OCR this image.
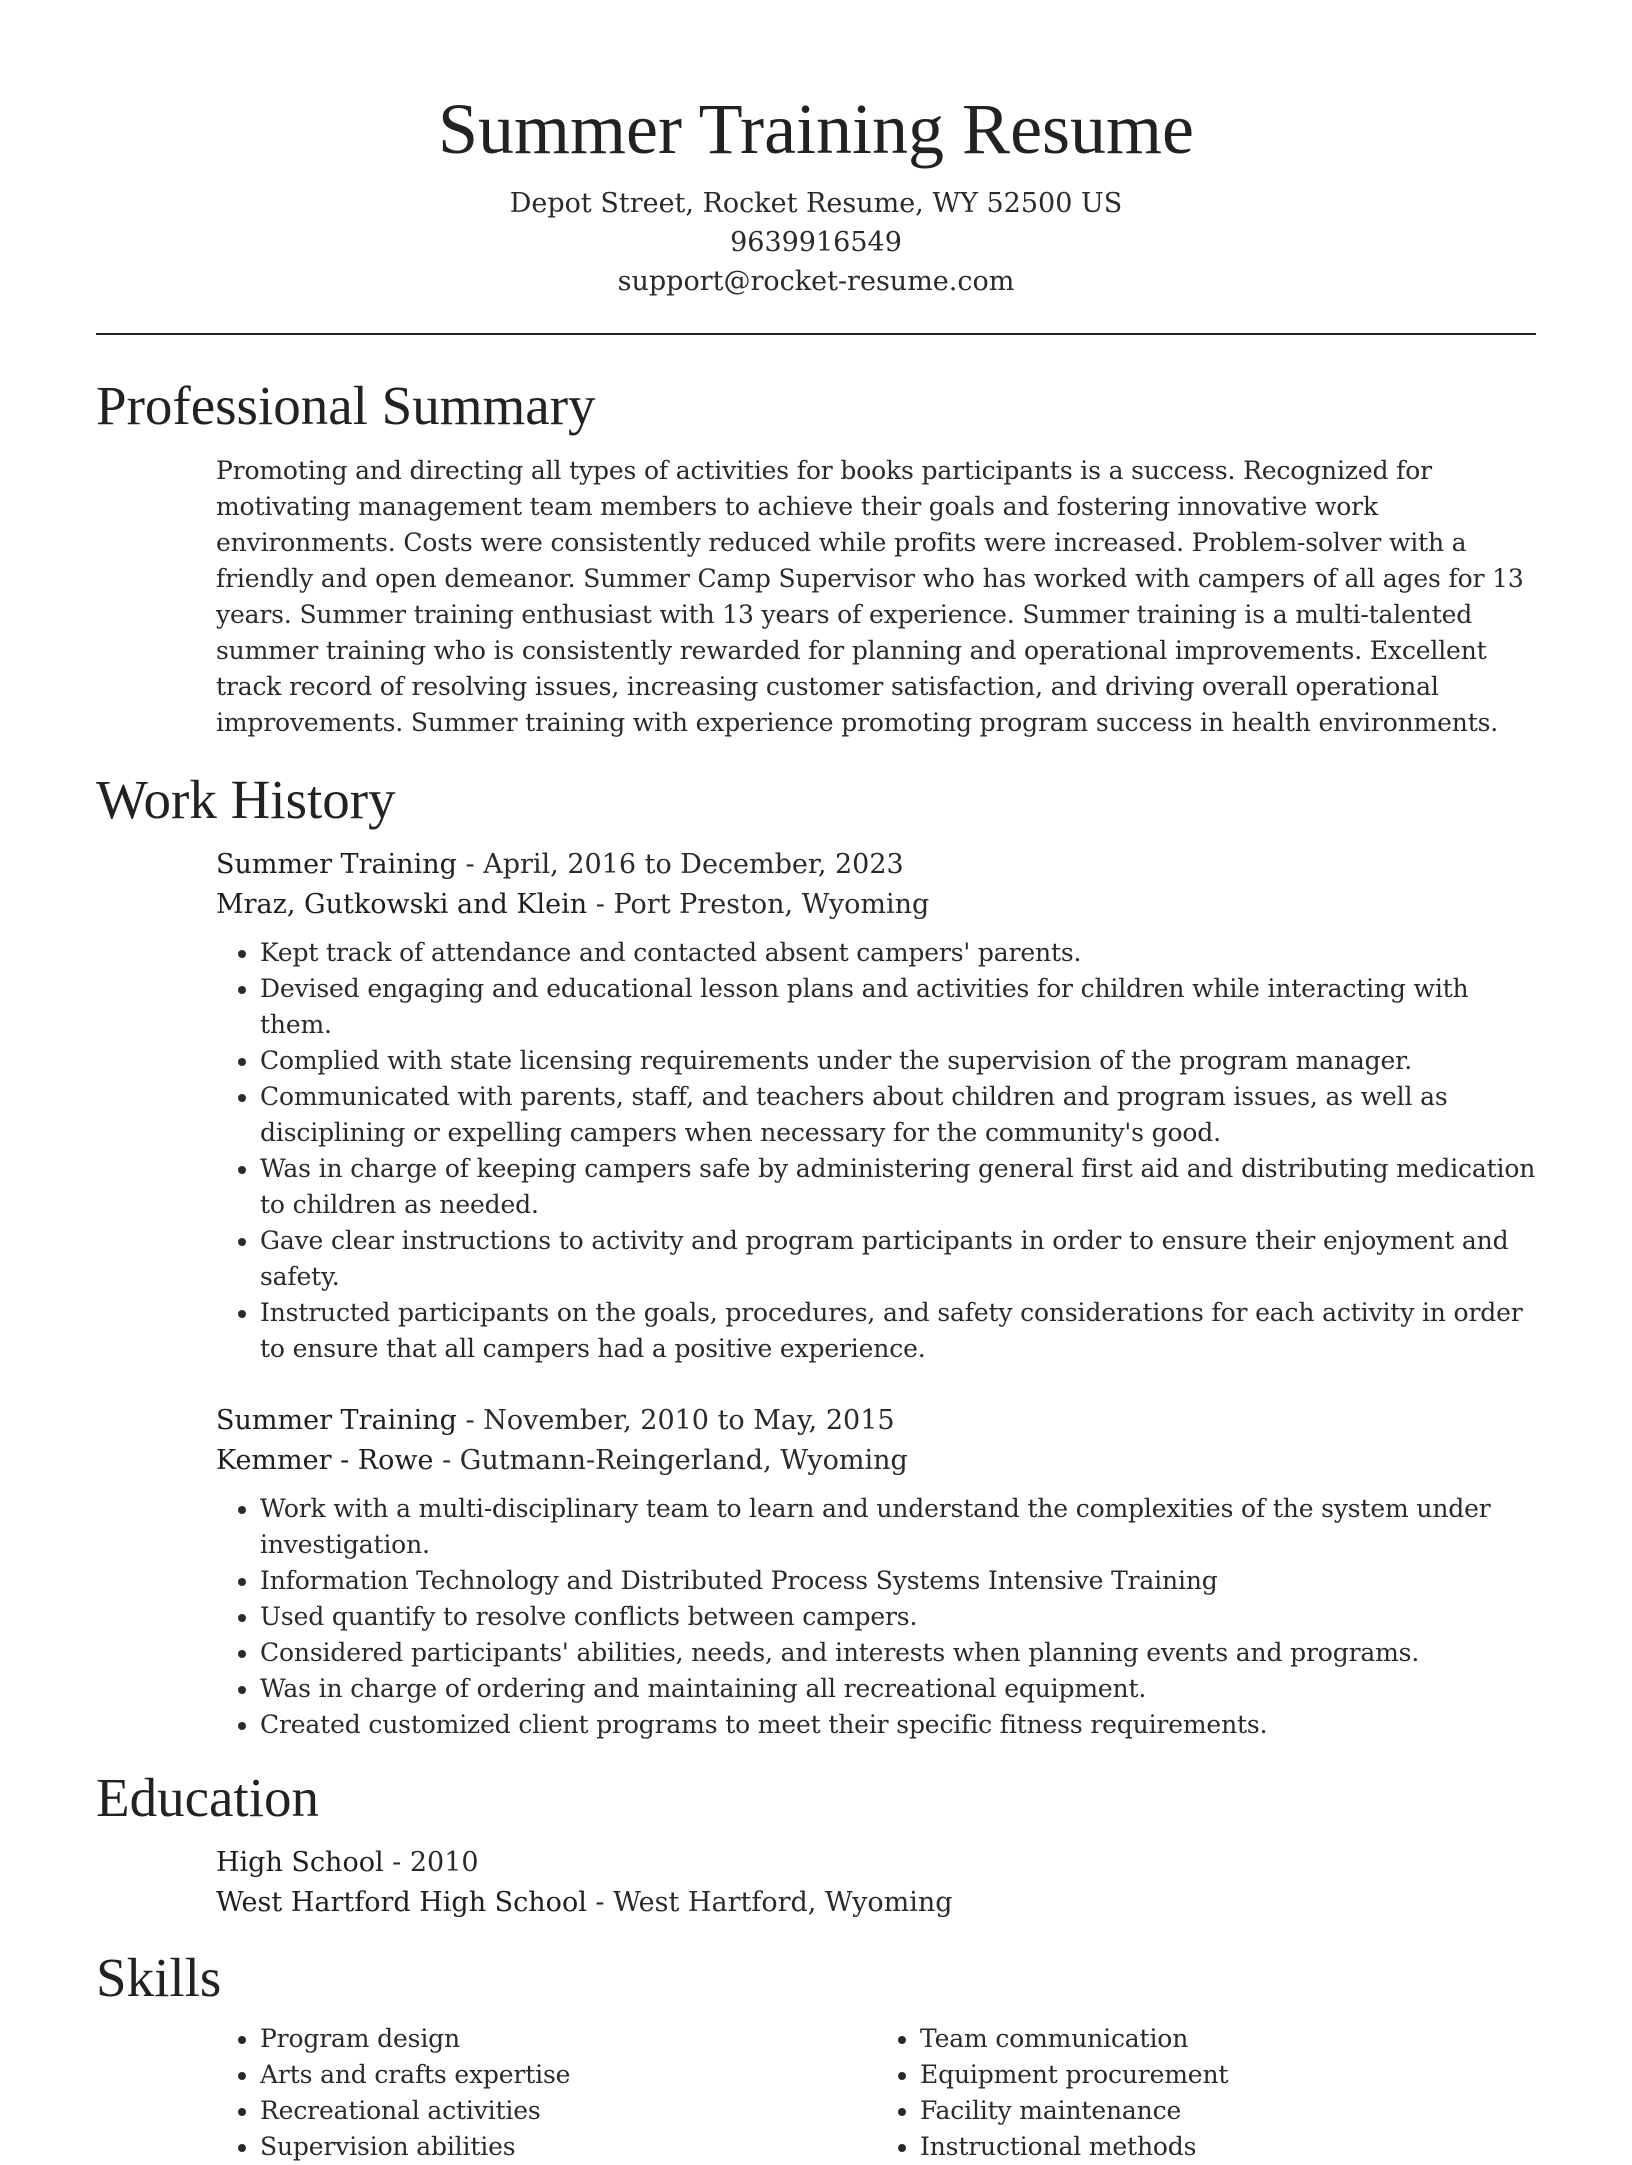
Summer Training Resume
Depot Street, Rocket Resume, WY 52500 US
9639916549
support@rocket-resume.com
Professional Summary

Promoting and directing all types of activities for books participants is a success. Recognized for motivating management team members to achieve their goals and fostering innovative work environments. Costs were consistently reduced while profits were increased. Problem-solver with a friendly and open demeanor. Summer Camp Supervisor who has worked with campers of all ages for 13 years. Summer training enthusiast with 13 years of experience. Summer training is a multi-talented summer training who is consistently rewarded for planning and operational improvements. Excellent track record of resolving issues, increasing customer satisfaction, and driving overall operational improvements. Summer training with experience promoting program success in health environments.

Work History
Summer Training - April, 2016 to December, 2023
Mraz, Gutkowski and Klein - Port Preston, Wyoming
• Kept track of attendance and contacted absent campers' parents.
• Devised engaging and educational lesson plans and activities for children while interacting with them.
• Complied with state licensing requirements under the supervision of the program manager.
• Communicated with parents, staff, and teachers about children and program issues, as well as disciplining or expelling campers when necessary for the community's good.
• Was in charge of keeping campers safe by administering general first aid and distributing medication to children as needed.
• Gave clear instructions to activity and program participants in order to ensure their enjoyment and safety.
• Instructed participants on the goals, procedures, and safety considerations for each activity in order to ensure that all campers had a positive experience.
Summer Training - November, 2010 to May, 2015
Kemmer - Rowe - Gutmann-Reingerland, Wyoming
• Work with a multi-disciplinary team to learn and understand the complexities of the system under investigation.
• Information Technology and Distributed Process Systems Intensive Training
• Used quantify to resolve conflicts between campers.
• Considered participants' abilities, needs, and interests when planning events and programs.
• Was in charge of ordering and maintaining all recreational equipment.
• Created customized client programs to meet their specific fitness requirements.
Education
High School - 2010
West Hartford High School - West Hartford, Wyoming
Skills
• Program design
• Arts and crafts expertise
• Recreational activities
• Supervision abilities
• Team communication
• Equipment procurement
• Facility maintenance
• Instructional methods
